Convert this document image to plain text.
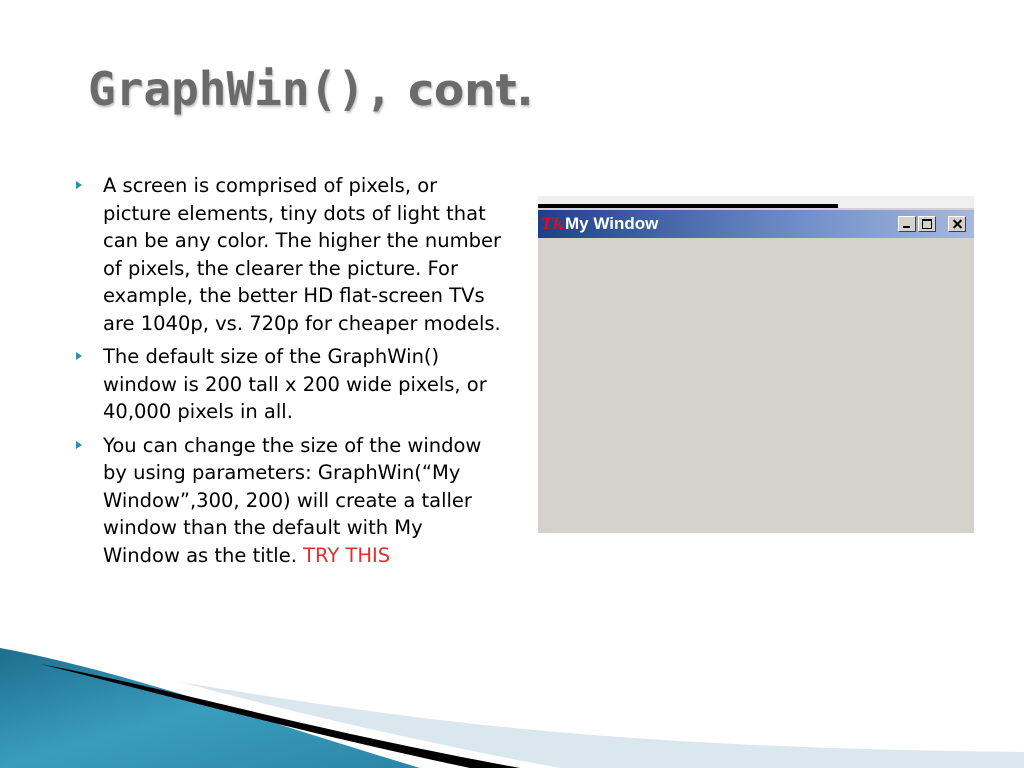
GraphWin(), cont.
A screen is comprised of pixels, or picture elements, tiny dots of light that can be any color. The higher the number of pixels, the clearer the picture. For example, the better HD flat-screen TVs are 1040p, vs. 720p for cheaper models.
The default size of the GraphWin() window is 200 tall x 200 wide pixels, or 40,000 pixels in all.
You can change the size of the window by using parameters: GraphWin(“My Window”,300, 200) will create a taller window than the default with My Window as the title. TRY THIS
Tk My Window
